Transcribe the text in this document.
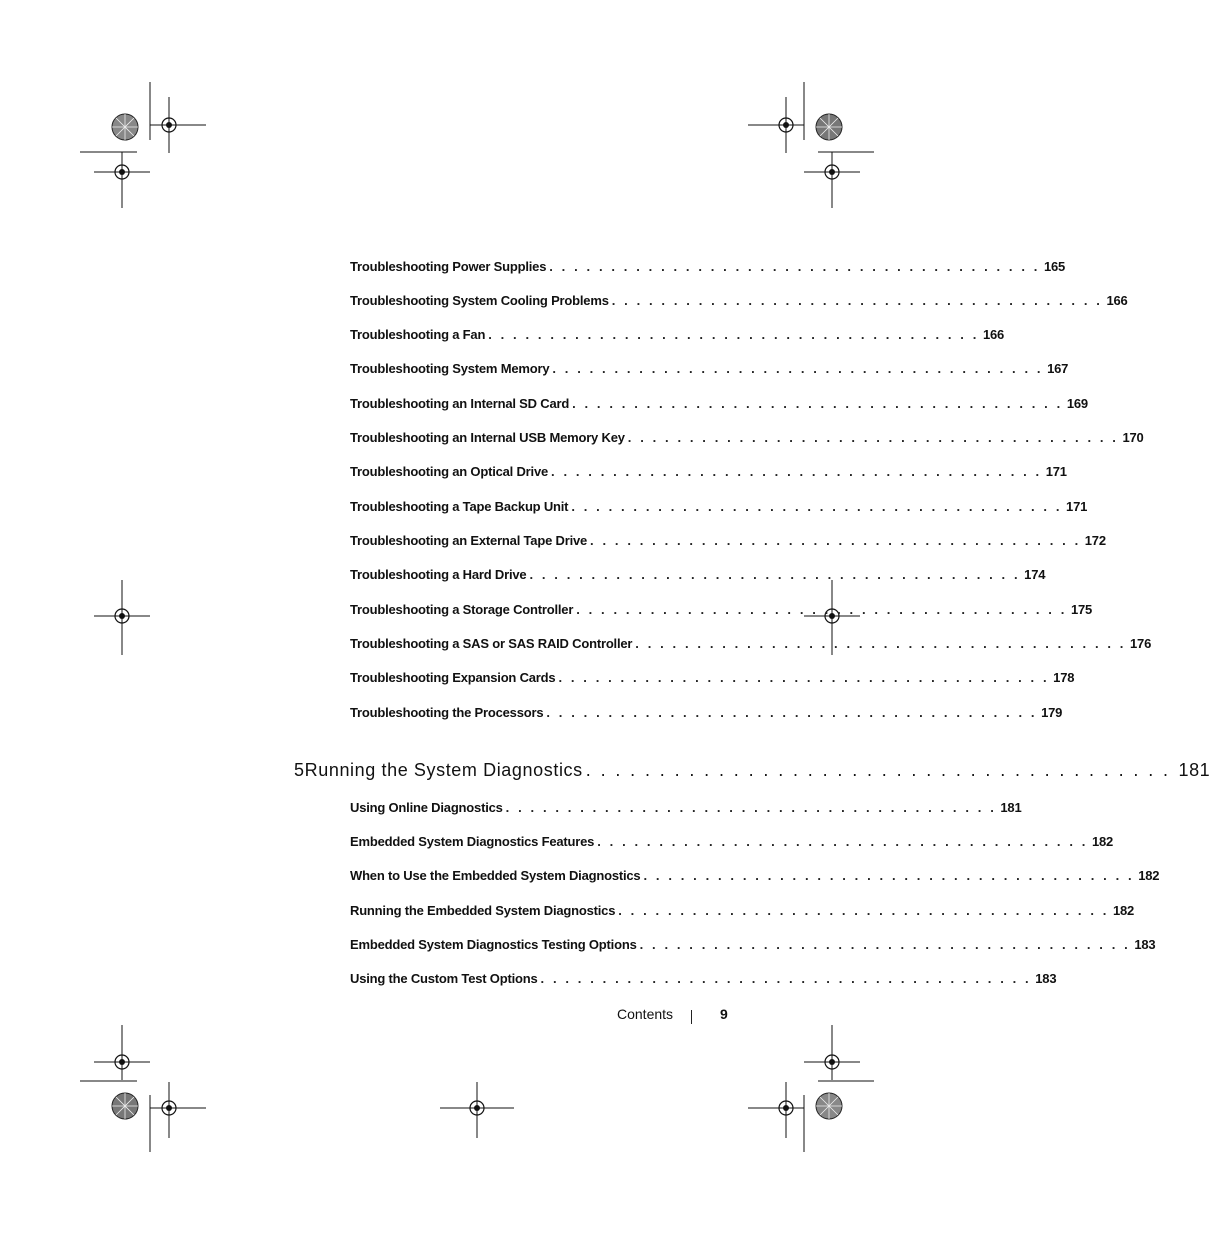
Troubleshooting Power Supplies . . . . . . . . . . . . . . . . . . . . . . . . . . . . . . . . . . . . . . . . 165
Troubleshooting System Cooling Problems . . . . . . . . . . . . . . . . . . . . . . . . . . . . . . . . . . . . . . . . 166
Troubleshooting a Fan . . . . . . . . . . . . . . . . . . . . . . . . . . . . . . . . . . . . . . . . 166
Troubleshooting System Memory . . . . . . . . . . . . . . . . . . . . . . . . . . . . . . . . . . . . . . . . 167
Troubleshooting an Internal SD Card . . . . . . . . . . . . . . . . . . . . . . . . . . . . . . . . . . . . . . . . 169
Troubleshooting an Internal USB Memory Key . . . . . . . . . . . . . . . . . . . . . . . . . . . . . . . . . . . . . . . . 170
Troubleshooting an Optical Drive . . . . . . . . . . . . . . . . . . . . . . . . . . . . . . . . . . . . . . . . 171
Troubleshooting a Tape Backup Unit . . . . . . . . . . . . . . . . . . . . . . . . . . . . . . . . . . . . . . . . 171
Troubleshooting an External Tape Drive . . . . . . . . . . . . . . . . . . . . . . . . . . . . . . . . . . . . . . . . 172
Troubleshooting a Hard Drive . . . . . . . . . . . . . . . . . . . . . . . . . . . . . . . . . . . . . . . . 174
Troubleshooting a Storage Controller . . . . . . . . . . . . . . . . . . . . . . . . . . . . . . . . . . . . . . . . 175
Troubleshooting a SAS or SAS RAID Controller . . . . . . . . . . . . . . . . . . . . . . . . . . . . . . . . . . . . . . . . 176
Troubleshooting Expansion Cards . . . . . . . . . . . . . . . . . . . . . . . . . . . . . . . . . . . . . . . . 178
Troubleshooting the Processors . . . . . . . . . . . . . . . . . . . . . . . . . . . . . . . . . . . . . . . . 179
5 Running the System Diagnostics . . . . . . . . . . . . . . . . . . . . . . . . . . . . . . . . . . . . . . . . 181
Using Online Diagnostics . . . . . . . . . . . . . . . . . . . . . . . . . . . . . . . . . . . . . . . . 181
Embedded System Diagnostics Features . . . . . . . . . . . . . . . . . . . . . . . . . . . . . . . . . . . . . . . . 182
When to Use the Embedded System Diagnostics . . . . . . . . . . . . . . . . . . . . . . . . . . . . . . . . . . . . . . . . 182
Running the Embedded System Diagnostics . . . . . . . . . . . . . . . . . . . . . . . . . . . . . . . . . . . . . . . . 182
Embedded System Diagnostics Testing Options . . . . . . . . . . . . . . . . . . . . . . . . . . . . . . . . . . . . . . . . 183
Using the Custom Test Options . . . . . . . . . . . . . . . . . . . . . . . . . . . . . . . . . . . . . . . . 183
Contents	9
